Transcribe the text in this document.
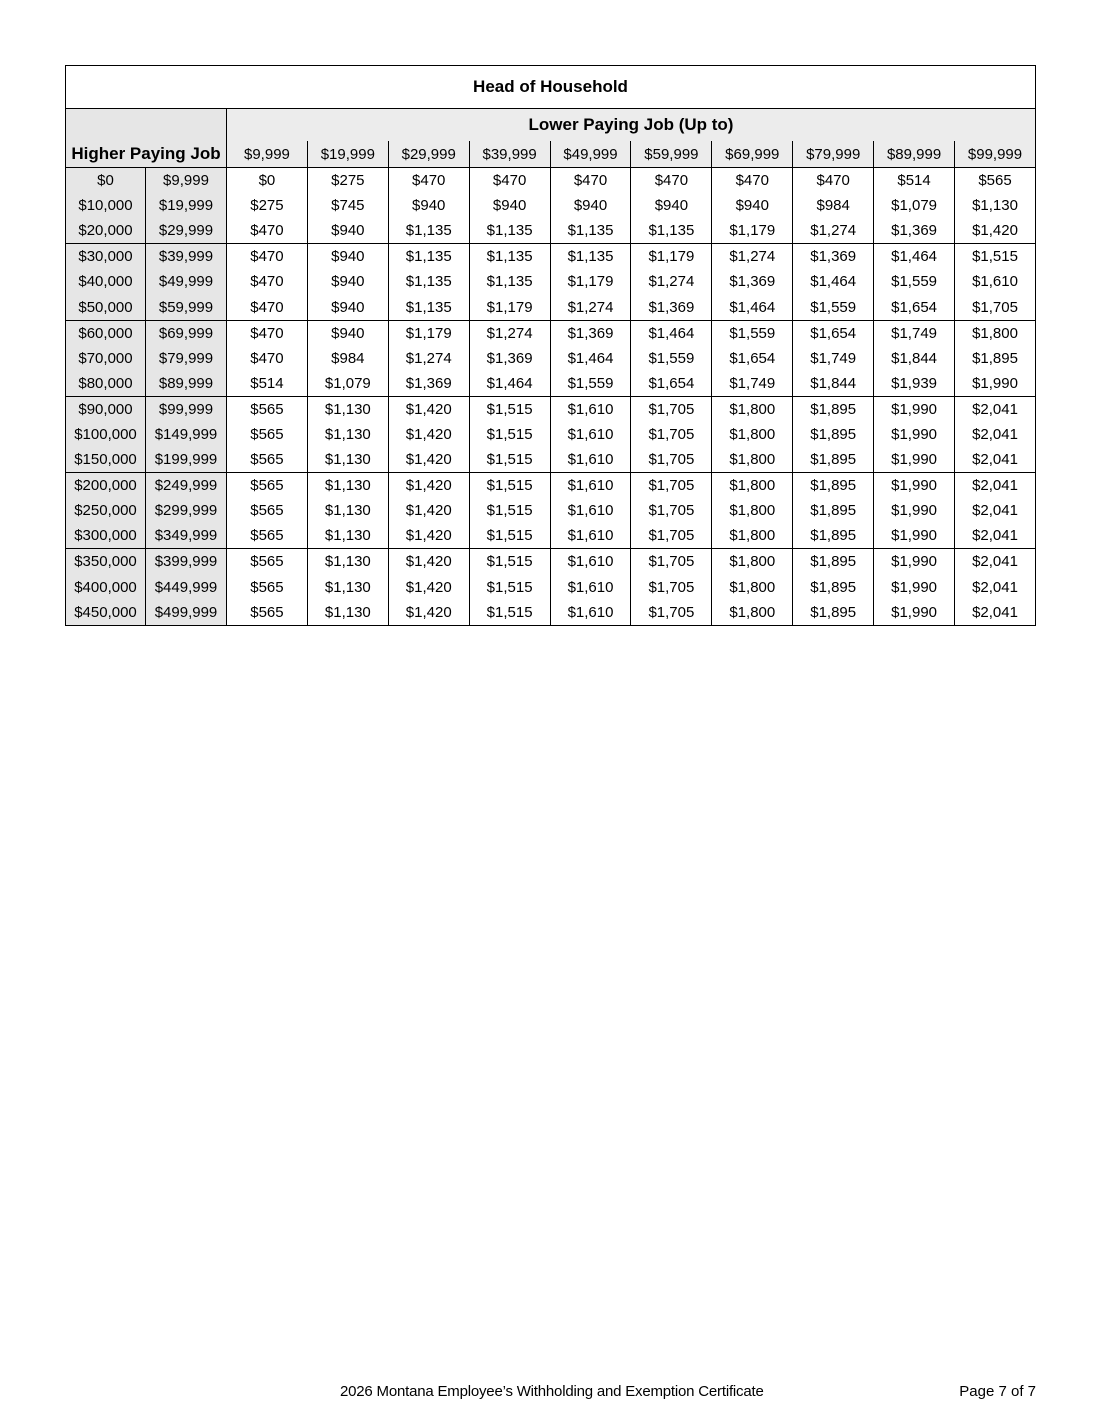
Head of Household											
		Lower Paying Job (Up to)									
Higher Paying Job		$9,999	$19,999	$29,999	$39,999	$49,999	$59,999	$69,999	$79,999	$89,999	$99,999
$0	$9,999	$0	$275	$470	$470	$470	$470	$470	$470	$514	$565
$10,000	$19,999	$275	$745	$940	$940	$940	$940	$940	$984	$1,079	$1,130
$20,000	$29,999	$470	$940	$1,135	$1,135	$1,135	$1,135	$1,179	$1,274	$1,369	$1,420
$30,000	$39,999	$470	$940	$1,135	$1,135	$1,135	$1,179	$1,274	$1,369	$1,464	$1,515
$40,000	$49,999	$470	$940	$1,135	$1,135	$1,179	$1,274	$1,369	$1,464	$1,559	$1,610
$50,000	$59,999	$470	$940	$1,135	$1,179	$1,274	$1,369	$1,464	$1,559	$1,654	$1,705
$60,000	$69,999	$470	$940	$1,179	$1,274	$1,369	$1,464	$1,559	$1,654	$1,749	$1,800
$70,000	$79,999	$470	$984	$1,274	$1,369	$1,464	$1,559	$1,654	$1,749	$1,844	$1,895
$80,000	$89,999	$514	$1,079	$1,369	$1,464	$1,559	$1,654	$1,749	$1,844	$1,939	$1,990
$90,000	$99,999	$565	$1,130	$1,420	$1,515	$1,610	$1,705	$1,800	$1,895	$1,990	$2,041
$100,000	$149,999	$565	$1,130	$1,420	$1,515	$1,610	$1,705	$1,800	$1,895	$1,990	$2,041
$150,000	$199,999	$565	$1,130	$1,420	$1,515	$1,610	$1,705	$1,800	$1,895	$1,990	$2,041
$200,000	$249,999	$565	$1,130	$1,420	$1,515	$1,610	$1,705	$1,800	$1,895	$1,990	$2,041
$250,000	$299,999	$565	$1,130	$1,420	$1,515	$1,610	$1,705	$1,800	$1,895	$1,990	$2,041
$300,000	$349,999	$565	$1,130	$1,420	$1,515	$1,610	$1,705	$1,800	$1,895	$1,990	$2,041
$350,000	$399,999	$565	$1,130	$1,420	$1,515	$1,610	$1,705	$1,800	$1,895	$1,990	$2,041
$400,000	$449,999	$565	$1,130	$1,420	$1,515	$1,610	$1,705	$1,800	$1,895	$1,990	$2,041
$450,000	$499,999	$565	$1,130	$1,420	$1,515	$1,610	$1,705	$1,800	$1,895	$1,990	$2,041
2026 Montana Employee’s Withholding and Exemption Certificate	Page 7 of 7
